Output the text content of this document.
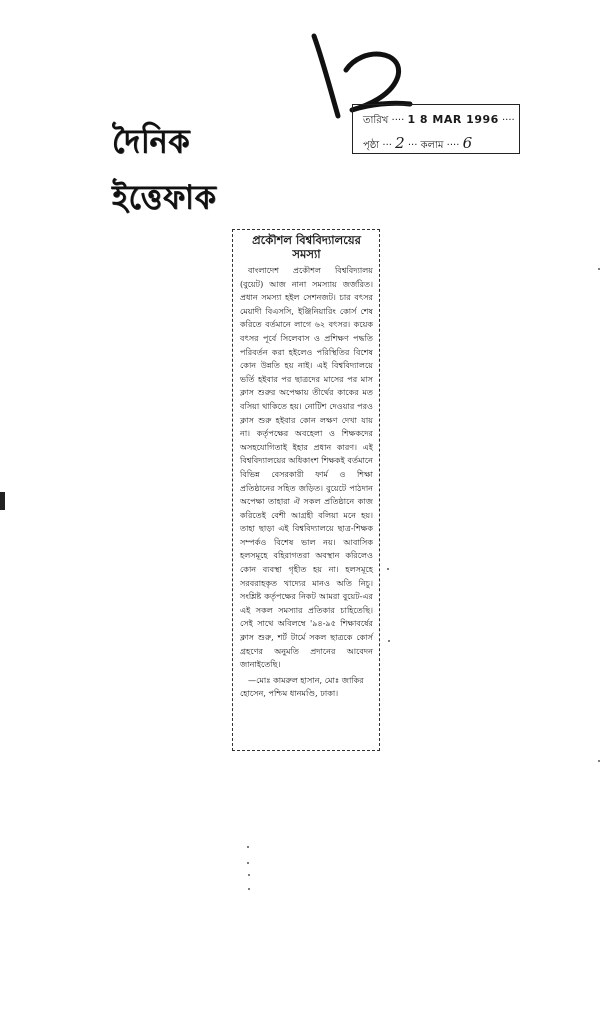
দৈনিক ইত্তেফাক
তারিখ ···· 1 8 MAR 1996 ····
পৃষ্ঠা ··· 2 ··· কলাম ···· 6
প্রকৌশল বিশ্ববিদ্যালয়ের সমস্যা
বাংলাদেশ প্রকৌশল বিশ্ববিদ্যালয় (বুয়েট) আজ নানা সমস্যায় জর্জরিত। প্রধান সমস্যা হইল সেশনজট। চার বৎসর মেয়াদী বিএসসি, ইঞ্জিনিয়ারিং কোর্স শেষ করিতে বর্তমানে লাগে ৬২ বৎসর। কয়েক বৎসর পূর্বে সিলেবাস ও প্রশিক্ষণ পদ্ধতি পরিবর্তন করা হইলেও পরিস্থিতির বিশেষ কোন উন্নতি হয় নাই। এই বিশ্ববিদ্যালয়ে ভর্তি হইবার পর ছাত্রদের মাসের পর মাস ক্লাস শুরুর অপেক্ষায় তীর্থের কাকের মত বসিয়া থাকিতে হয়। নোটিশ দেওয়ার পরও ক্লাস শুরু হইবার কোন লক্ষণ দেখা যায় না। কর্তৃপক্ষের অবহেলা ও শিক্ষকদের অসহযোগিতাই ইহার প্রধান কারণ। এই বিশ্ববিদ্যালয়ের অধিকাংশ শিক্ষকই বর্তমানে বিভিন্ন বেসরকারী ফার্ম ও শিক্ষা প্রতিষ্ঠানের সহিত জড়িত। বুয়েটে পাঠদান অপেক্ষা তাহারা ঐ সকল প্রতিষ্ঠানে কাজ করিতেই বেশী আগ্রহী বলিয়া মনে হয়। তাহা ছাড়া এই বিশ্ববিদ্যালয়ে ছাত্র-শিক্ষক সম্পর্কও বিশেষ ভাল নয়। আবাসিক হলসমূহে বহিরাগতরা অবস্থান করিলেও কোন ব্যবস্থা গৃহীত হয় না। হলসমূহে সরবরাহকৃত খাদ্যের মানও অতি নিচু। সংশ্লিষ্ট কর্তৃপক্ষের নিকট আমরা বুয়েট-এর এই সকল সমস্যার প্রতিকার চাহিতেছি। সেই সাথে অবিলম্বে '৯৪-৯৫ শিক্ষাবর্ষের ক্লাস শুরু, শর্ট টার্মে সকল ছাত্রকে কোর্স গ্রহণের অনুমতি প্রদানের আবেদন জানাইতেছি।
—মোঃ কামরুল হাসান, মোঃ জাকির হোসেন, পশ্চিম ধানমণ্ডি, ঢাকা।
